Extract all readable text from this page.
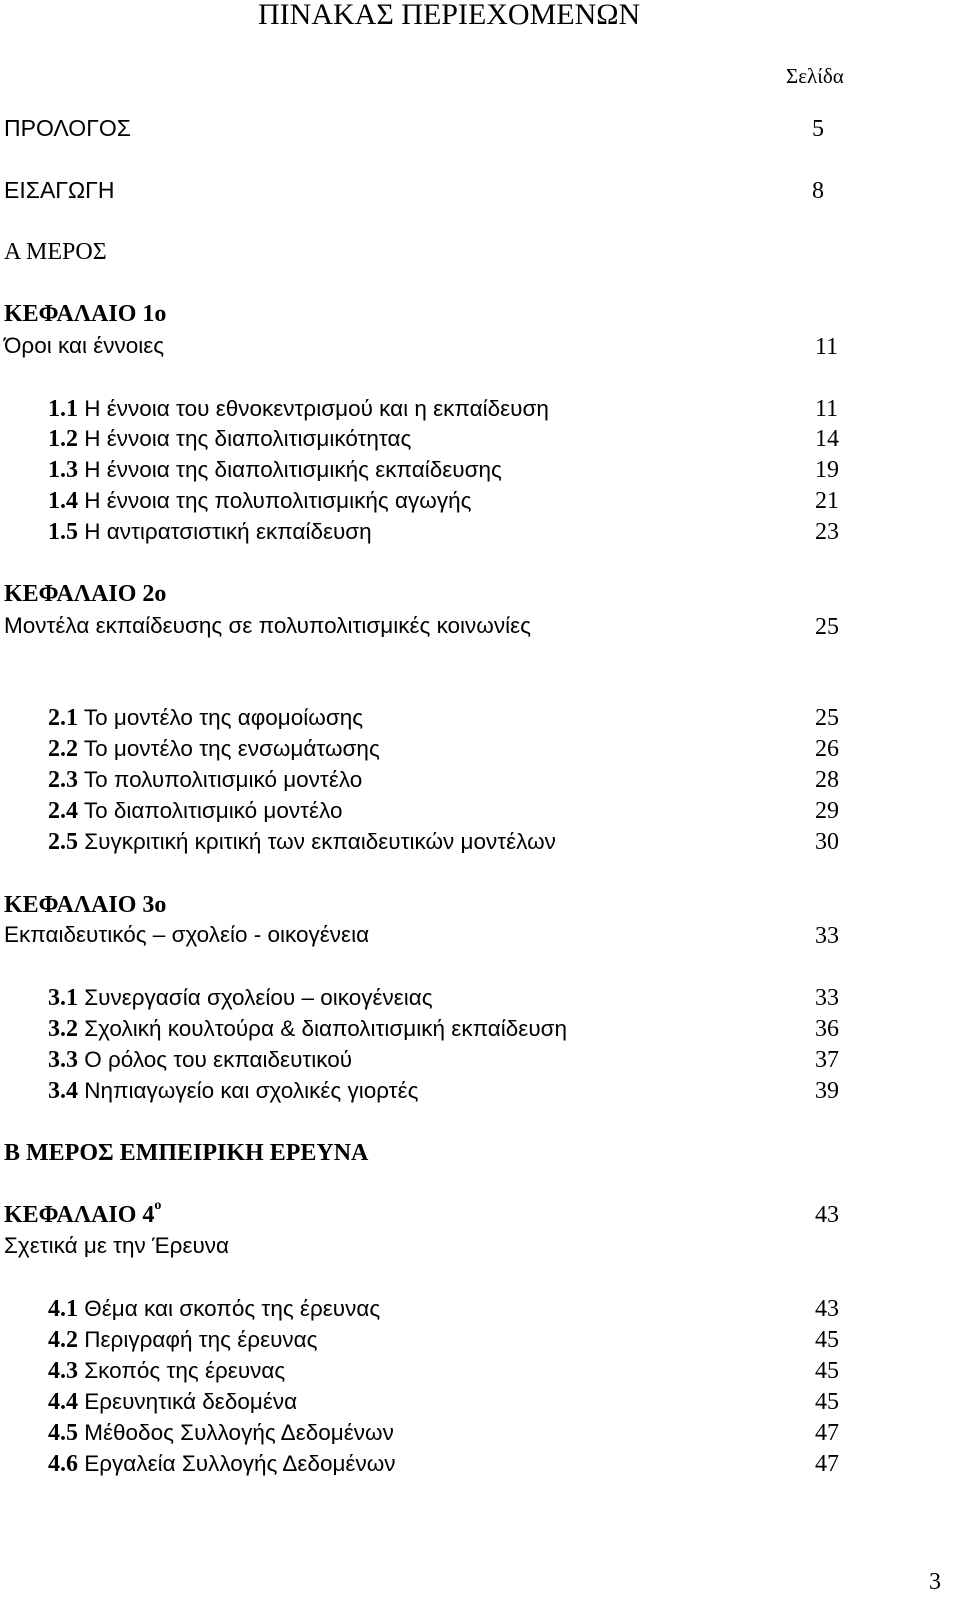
ΠΙΝΑΚΑΣ ΠΕΡΙΕΧΟΜΕΝΩΝ
Σελίδα
ΠΡΟΛΟΓΟΣ	5
ΕΙΣΑΓΩΓΗ	8
Α ΜΕΡΟΣ
ΚΕΦΑΛΑΙΟ 1ο
Όροι και έννοιες	11
1.1 Η έννοια του εθνοκεντρισμού και η εκπαίδευση	11
1.2 Η έννοια της διαπολιτισμικότητας	14
1.3 Η έννοια της διαπολιτισμικής εκπαίδευσης	19
1.4 Η έννοια της πολυπολιτισμικής αγωγής	21
1.5 Η αντιρατσιστική εκπαίδευση	23
ΚΕΦΑΛΑΙΟ 2ο
Μοντέλα εκπαίδευσης σε πολυπολιτισμικές κοινωνίες	25
2.1 Το μοντέλο της αφομοίωσης	25
2.2 Το μοντέλο της ενσωμάτωσης	26
2.3 Το πολυπολιτισμικό μοντέλο	28
2.4 Το διαπολιτισμικό μοντέλο	29
2.5 Συγκριτική κριτική των εκπαιδευτικών μοντέλων	30
ΚΕΦΑΛΑΙΟ 3ο
Εκπαιδευτικός – σχολείο - οικογένεια	33
3.1 Συνεργασία σχολείου – οικογένειας	33
3.2 Σχολική κουλτούρα & διαπολιτισμική εκπαίδευση	36
3.3 Ο ρόλος του εκπαιδευτικού	37
3.4 Νηπιαγωγείο και σχολικές γιορτές	39
Β ΜΕΡΟΣ ΕΜΠΕΙΡΙΚΗ ΕΡΕΥΝΑ
ΚΕΦΑΛΑΙΟ $4^o$	43
Σχετικά με την Έρευνα
4.1 Θέμα και σκοπός της έρευνας	43
4.2 Περιγραφή της έρευνας	45
4.3 Σκοπός της έρευνας	45
4.4 Ερευνητικά δεδομένα	45
4.5 Μέθοδος Συλλογής Δεδομένων	47
4.6 Εργαλεία Συλλογής Δεδομένων	47
3
